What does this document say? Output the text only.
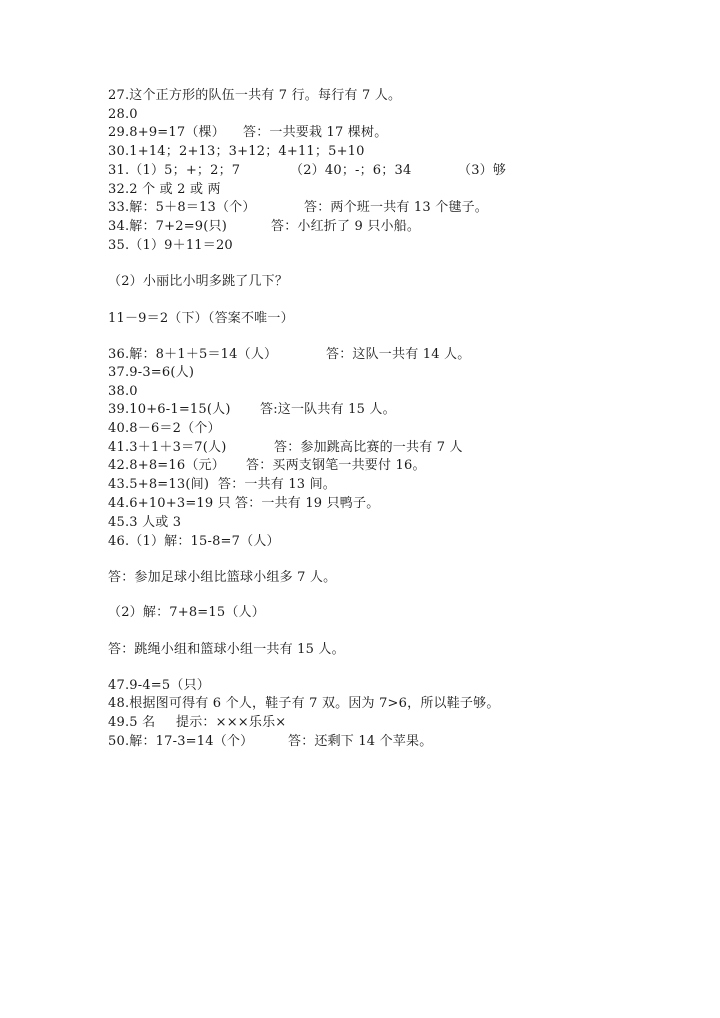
27.这个正方形的队伍一共有 7 行。每行有 7 人。
28.0
29.8+9=17（棵） 答：一共要栽 17 棵树。
30.1+14；2+13；3+12；4+11；5+10
31.（1）5；+；2；7	（2）40；-；6；34	（3）够
32.2 个 或 2 或 两
33.解：5＋8＝13（个）	答：两个班一共有 13 个毽子。
34.解：7+2=9(只)	答：小红折了 9 只小船。
35.（1）9＋11＝20
（2）小丽比小明多跳了几下？
11－9＝2（下）（答案不唯一）
36.解：8＋1＋5＝14（人）	答：这队一共有 14 人。
37.9-3=6(人)
38.0
39.10+6-1=15(人) 答:这一队共有 15 人。
40.8－6＝2（个）
41.3＋1＋3＝7(人)	答：参加跳高比赛的一共有 7 人
42.8+8=16（元） 答：买两支钢笔一共要付 16。
43.5+8=13(间) 答：一共有 13 间。
44.6+10+3=19 只 答：一共有 19 只鸭子。
45.3 人或 3
46.（1）解：15-8=7（人）
答：参加足球小组比篮球小组多 7 人。
（2）解：7+8=15（人）
答：跳绳小组和篮球小组一共有 15 人。
47.9-4=5（只）
48.根据图可得有 6 个人，鞋子有 7 双。因为 7>6，所以鞋子够。
49.5 名 提示：×××乐乐×
50.解：17-3=14（个）	答：还剩下 14 个苹果。
